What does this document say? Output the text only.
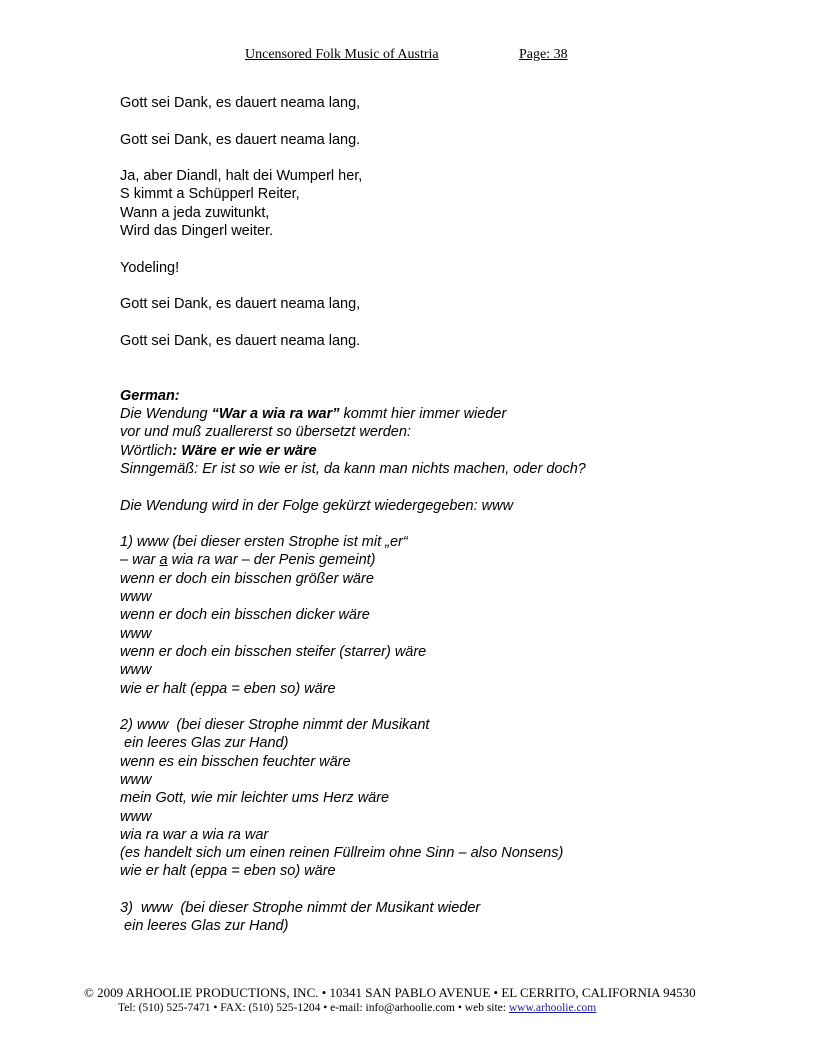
Uncensored Folk Music of Austria	Page: 38
Gott sei Dank, es dauert neama lang,
Gott sei Dank, es dauert neama lang.
Ja, aber Diandl, halt dei Wumperl her,
S kimmt a Schüpperl Reiter,
Wann a jeda zuwitunkt,
Wird das Dingerl weiter.
Yodeling!
Gott sei Dank, es dauert neama lang,
Gott sei Dank, es dauert neama lang.
German:
Die Wendung “War a wia ra war” kommt hier immer wieder
vor und muß zuallererst so übersetzt werden:
Wörtlich: Wäre er wie er wäre
Sinngemäß: Er ist so wie er ist, da kann man nichts machen, oder doch?
Die Wendung wird in der Folge gekürzt wiedergegeben: www
1) www (bei dieser ersten Strophe ist mit „er“
– war a wia ra war – der Penis gemeint)
wenn er doch ein bisschen größer wäre
www
wenn er doch ein bisschen dicker wäre
www
wenn er doch ein bisschen steifer (starrer) wäre
www
wie er halt (eppa = eben so) wäre
2) www  (bei dieser Strophe nimmt der Musikant
ein leeres Glas zur Hand)
wenn es ein bisschen feuchter wäre
www
mein Gott, wie mir leichter ums Herz wäre
www
wia ra war a wia ra war
(es handelt sich um einen reinen Füllreim ohne Sinn – also Nonsens)
wie er halt (eppa = eben so) wäre
3)  www  (bei dieser Strophe nimmt der Musikant wieder
ein leeres Glas zur Hand)
© 2009 ARHOOLIE PRODUCTIONS, INC. • 10341 SAN PABLO AVENUE • EL CERRITO, CALIFORNIA 94530
Tel: (510) 525-7471 • FAX: (510) 525-1204 • e-mail: info@arhoolie.com • web site: www.arhoolie.com
